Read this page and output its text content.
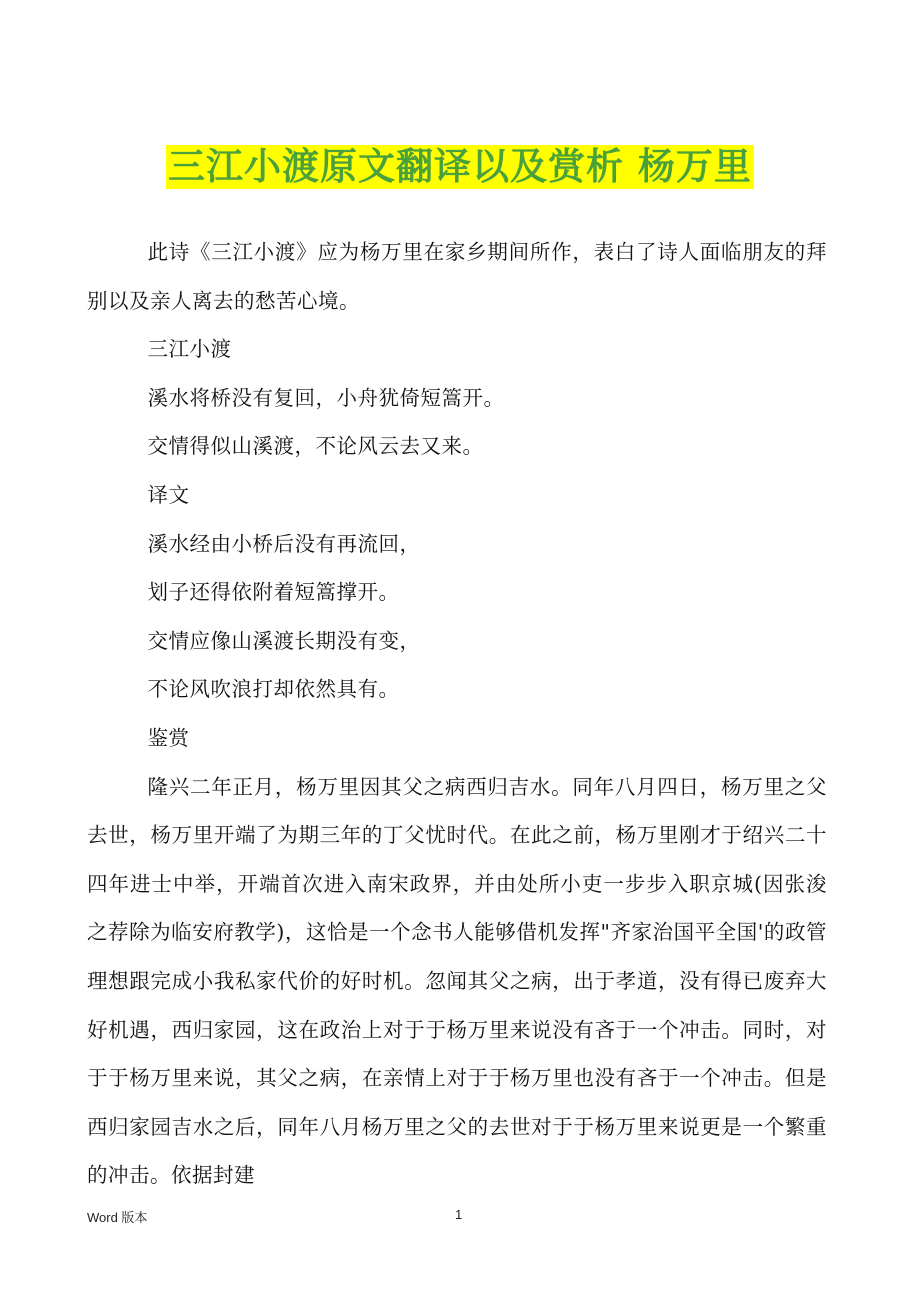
三江小渡原文翻译以及赏析 杨万里

此诗《三江小渡》应为杨万里在家乡期间所作，表白了诗人面临朋友的拜别以及亲人离去的愁苦心境。

三江小渡

溪水将桥没有复回，小舟犹倚短篙开。

交情得似山溪渡，不论风云去又来。

译文

溪水经由小桥后没有再流回，

划子还得依附着短篙撑开。

交情应像山溪渡长期没有变，

不论风吹浪打却依然具有。

鉴赏

隆兴二年正月，杨万里因其父之病西归吉水。同年八月四日，杨万里之父去世，杨万里开端了为期三年的丁父忧时代。在此之前，杨万里刚才于绍兴二十四年进士中举，开端首次进入南宋政界，并由处所小吏一步步入职京城(因张浚之荐除为临安府教学)，这恰是一个念书人能够借机发挥"齐家治国平全国'的政管理想跟完成小我私家代价的好时机。忽闻其父之病，出于孝道，没有得已废弃大好机遇，西归家园，这在政治上对于于杨万里来说没有吝于一个冲击。同时，对于于杨万里来说，其父之病，在亲情上对于于杨万里也没有吝于一个冲击。但是西归家园吉水之后，同年八月杨万里之父的去世对于于杨万里来说更是一个繁重的冲击。依据封建

Word 版本	1
